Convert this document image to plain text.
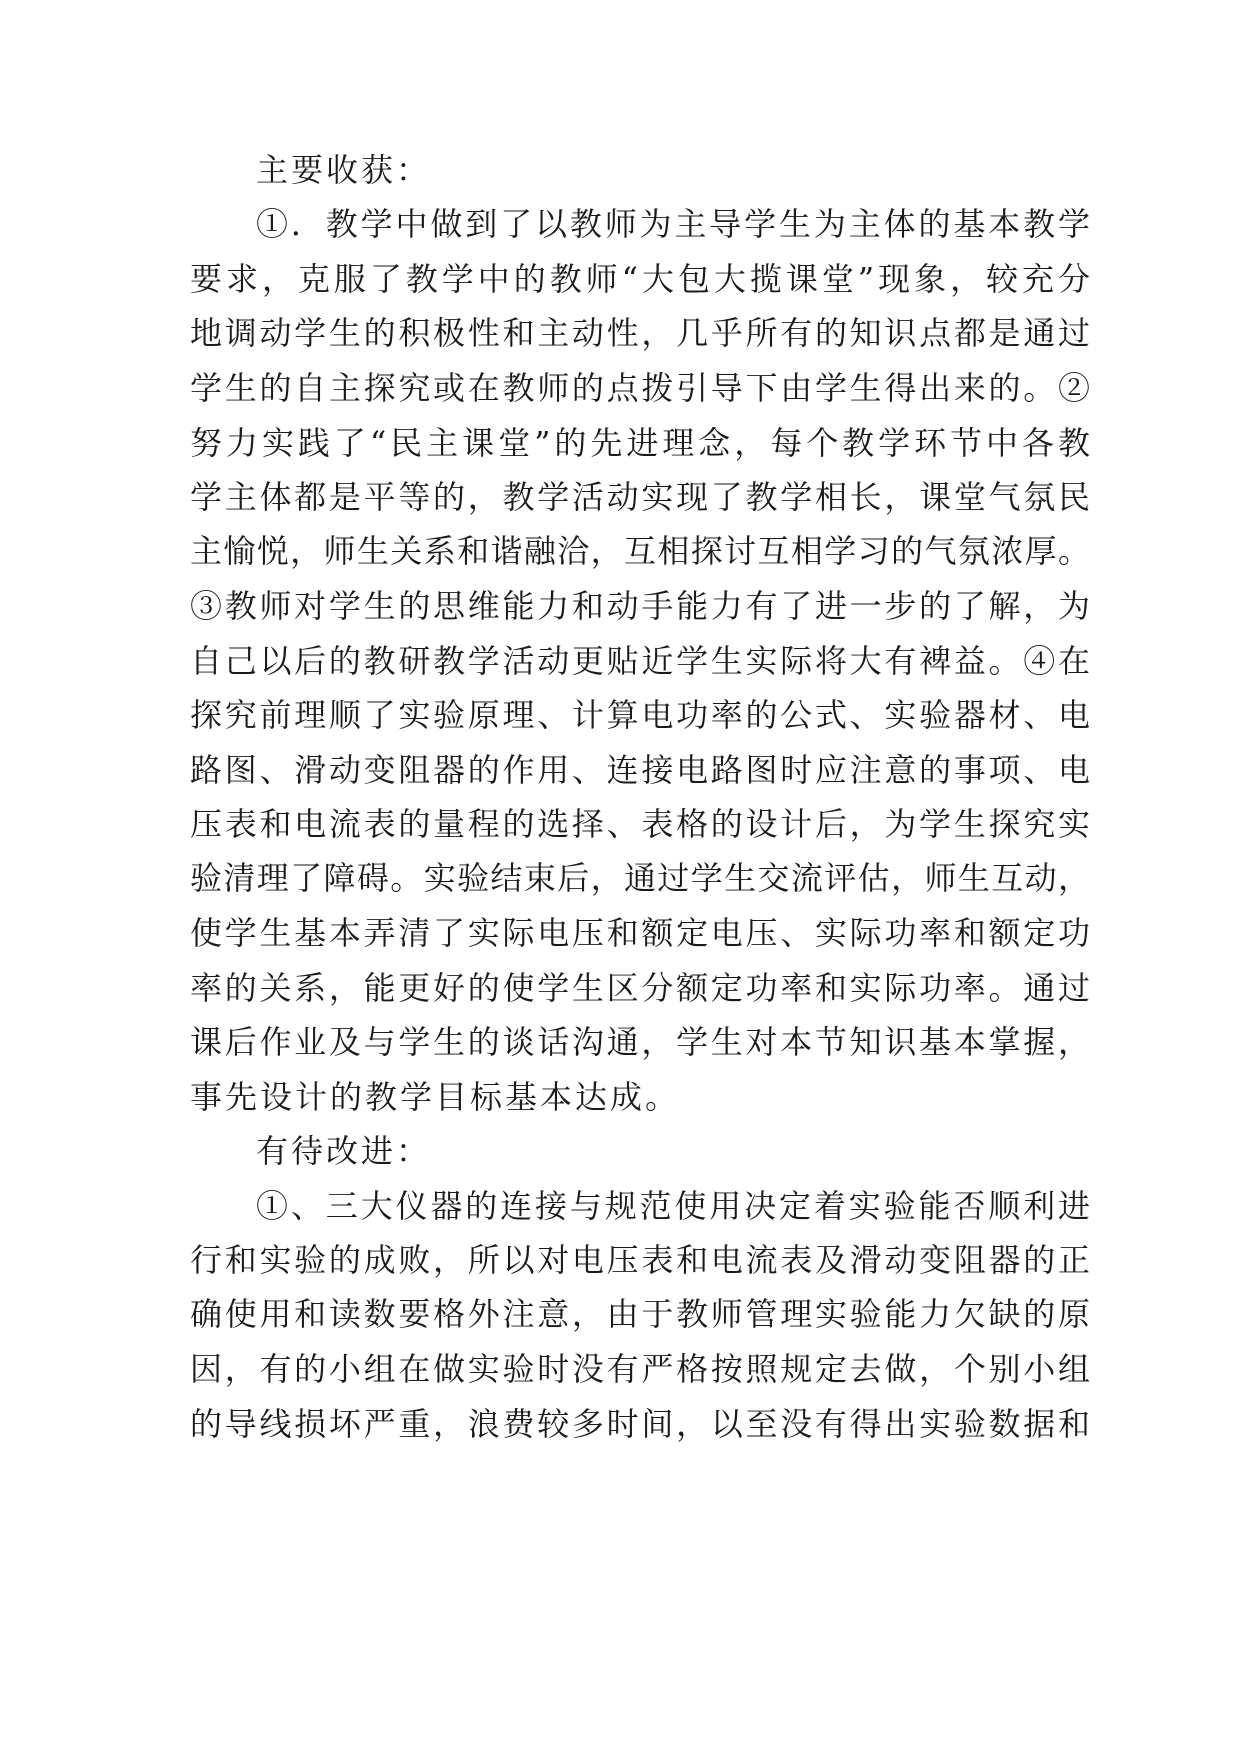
主要收获：
①．教学中做到了以教师为主导学生为主体的基本教学
要求，克服了教学中的教师“大包大揽课堂”现象，较充分
地调动学生的积极性和主动性，几乎所有的知识点都是通过
学生的自主探究或在教师的点拨引导下由学生得出来的。②
努力实践了“民主课堂”的先进理念，每个教学环节中各教
学主体都是平等的，教学活动实现了教学相长，课堂气氛民
主愉悦，师生关系和谐融洽，互相探讨互相学习的气氛浓厚。
③教师对学生的思维能力和动手能力有了进一步的了解，为
自己以后的教研教学活动更贴近学生实际将大有裨益。④在
探究前理顺了实验原理、计算电功率的公式、实验器材、电
路图、滑动变阻器的作用、连接电路图时应注意的事项、电
压表和电流表的量程的选择、表格的设计后，为学生探究实
验清理了障碍。实验结束后，通过学生交流评估，师生互动，
使学生基本弄清了实际电压和额定电压、实际功率和额定功
率的关系，能更好的使学生区分额定功率和实际功率。通过
课后作业及与学生的谈话沟通，学生对本节知识基本掌握，
事先设计的教学目标基本达成。
有待改进：
①、三大仪器的连接与规范使用决定着实验能否顺利进
行和实验的成败，所以对电压表和电流表及滑动变阻器的正
确使用和读数要格外注意，由于教师管理实验能力欠缺的原
因，有的小组在做实验时没有严格按照规定去做，个别小组
的导线损坏严重，浪费较多时间，以至没有得出实验数据和
